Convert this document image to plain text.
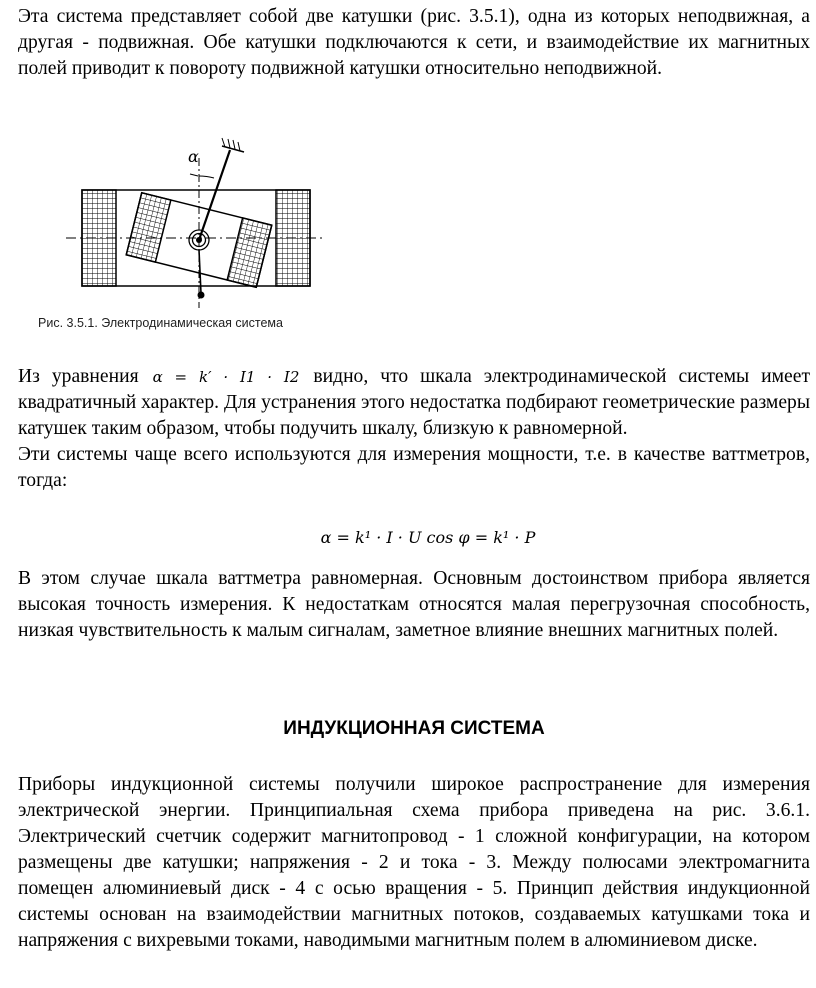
Эта система представляет собой две катушки (рис. 3.5.1), одна из которых неподвижная, а другая - подвижная. Обе катушки подключаются к сети, и взаимодействие их магнитных полей приводит к повороту подвижной катушки относительно неподвижной.

α
Рис. 3.5.1. Электродинамическая система

Из уравнения α = k′ · I1 · I2 видно, что шкала электродинамической системы имеет квадратичный характер. Для устранения этого недостатка подбирают геометрические размеры катушек таким образом, чтобы подучить шкалу, близкую к равномерной.

Эти системы чаще всего используются для измерения мощности, т.е. в качестве ваттметров, тогда:

α = k¹ · I · U cos φ = k¹ · P

В этом случае шкала ваттметра равномерная. Основным достоинством прибора является высокая точность измерения. К недостаткам относятся малая перегрузочная способность, низкая чувствительность к малым сигналам, заметное влияние внешних магнитных полей.

ИНДУКЦИОННАЯ СИСТЕМА

Приборы индукционной системы получили широкое распространение для измерения электрической энергии. Принципиальная схема прибора приведена на рис. 3.6.1. Электрический счетчик содержит магнитопровод - 1 сложной конфигурации, на котором размещены две катушки; напряжения - 2 и тока - 3. Между полюсами электромагнита помещен алюминиевый диск - 4 с осью вращения - 5. Принцип действия индукционной системы основан на взаимодействии магнитных потоков, создаваемых катушками тока и напряжения с вихревыми токами, наводимыми магнитным полем в алюминиевом диске.
